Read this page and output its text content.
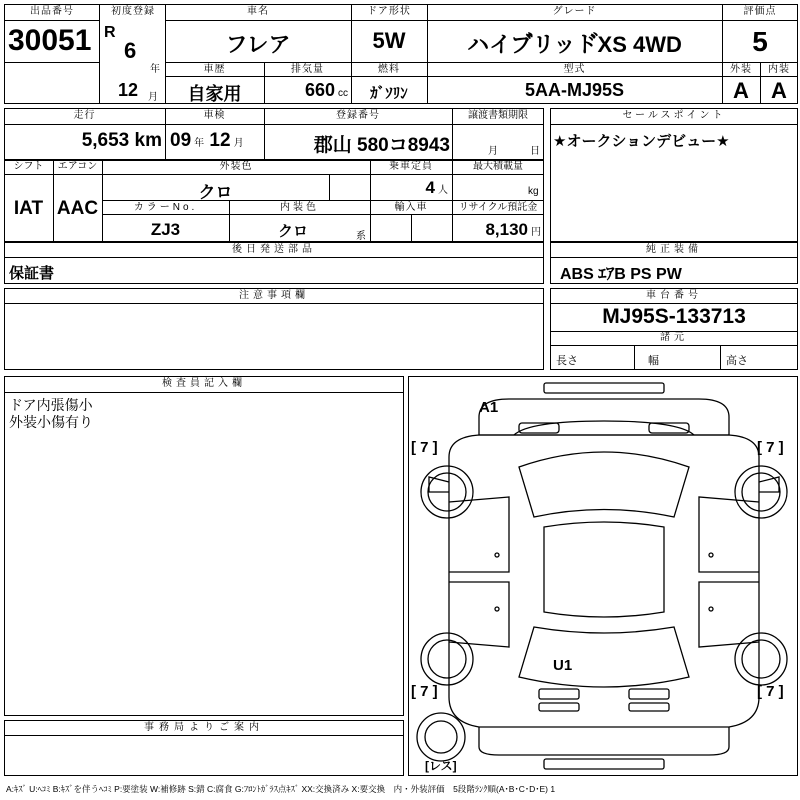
出品番号
30051
初度登録
R
6
年
12 月
車名
フレア
ドア形状
5W
グレード
ハイブ゙リッド゙XS 4WD
評価点
5
車歴
自家用
排気量
660 cc
燃料
ｶﾞｿﾘﾝ
型式
5AA-MJ95S
外装
A
内装
A
走行
5,653 km
車検
09 年 12 月
登録番号
郡山 580コ8943
譲渡書類期限
月	日
セールスポイント
★オークションデビュー★
シフト
IAT
エアコン
AAC
外装色
クロ
乗車定員
4 人
最大積載量
kg
カラーNo.
ZJ3
内装色
クロ	系
輸入車	リサイクル預託金
8,130 円
後日発送部品
保証書
純正装備
ABS ｴｱB PS PW
注意事項欄	車台番号
MJ95S-133713
諸元
長さ	幅	高さ
検査員記入欄
ドア内張傷小
外装小傷有り
事務局よりご案内
A1
U1
[ 7 ]	[ 7 ]
[ 7 ]	[ 7 ]
[レス]
A:ｷｽﾞ U:ﾍｺﾐ B:ｷｽﾞを伴うﾍｺﾐ P:要塗装 W:補修跡 S:錆 C:腐食 G:ﾌﾛﾝﾄｶﾞﾗｽ点ｷｽﾞ XX:交換済み X:要交換　内・外装評価　5段階ﾗﾝｸ順(A･B･C･D･E) 1
